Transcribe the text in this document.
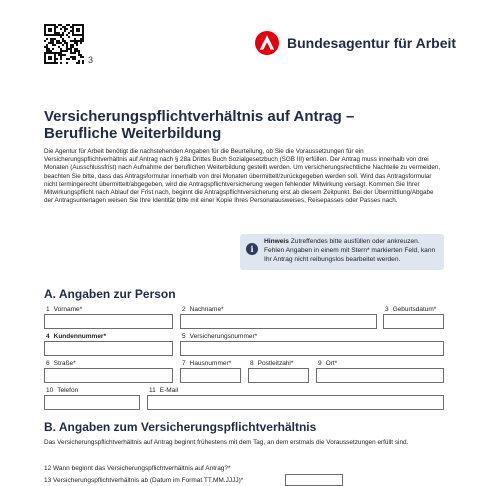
3
Bundesagentur für Arbeit
Versicherungspflichtverhältnis auf Antrag –
Berufliche Weiterbildung

Die Agentur für Arbeit benötigt die nachstehenden Angaben für die Beurteilung, ob Sie die Voraussetzungen für ein Versicherungspflichtverhältnis auf Antrag nach § 28a Drittes Buch Sozialgesetzbuch (SGB III) erfüllen. Der Antrag muss innerhalb von drei Monaten (Ausschlussfrist) nach Aufnahme der beruflichen Weiterbildung gestellt werden. Um versicherungsrechtliche Nachteile zu vermeiden, beachten Sie bitte, dass das Antragsformular innerhalb von drei Monaten übermittelt/zurückgegeben werden soll. Wird das Antragsformular nicht termingerecht übermittelt/abgegeben, wird die Antragspflichtversicherung wegen fehlender Mitwirkung versagt. Kommen Sie Ihrer Mitwirkungspflicht nach Ablauf der Frist nach, beginnt die Antragspflichtversicherung erst ab diesem Zeitpunkt. Bei der Übermittlung/Abgabe der Antragsunterlagen weisen Sie Ihre Identität bitte mit einer Kopie Ihres Personalausweises, Reisepasses oder Passes nach.

i
Hinweis Zutreffendes bitte ausfüllen oder ankreuzen. Fehlen Angaben in einem mit Stern* markierten Feld, kann Ihr Antrag nicht reibungslos bearbeitet werden.
A. Angaben zur Person
1 Vorname*	2 Nachname*	3 Geburtsdatum*
4 Kundennummer*	5 Versicherungsnummer*
6 Straße*	7 Hausnummer*	8 Postleitzahl*	9 Ort*
10 Telefon	11 E-Mail
B. Angaben zum Versicherungspflichtverhältnis

Das Versicherungspflichtverhältnis auf Antrag beginnt frühestens mit dem Tag, an dem erstmals die Voraussetzungen erfüllt sind.

12 Wann beginnt das Versicherungspflichtverhältnis auf Antrag?*
13 Versicherungspflichtverhältnis ab (Datum im Format TT.MM.JJJJ)*
